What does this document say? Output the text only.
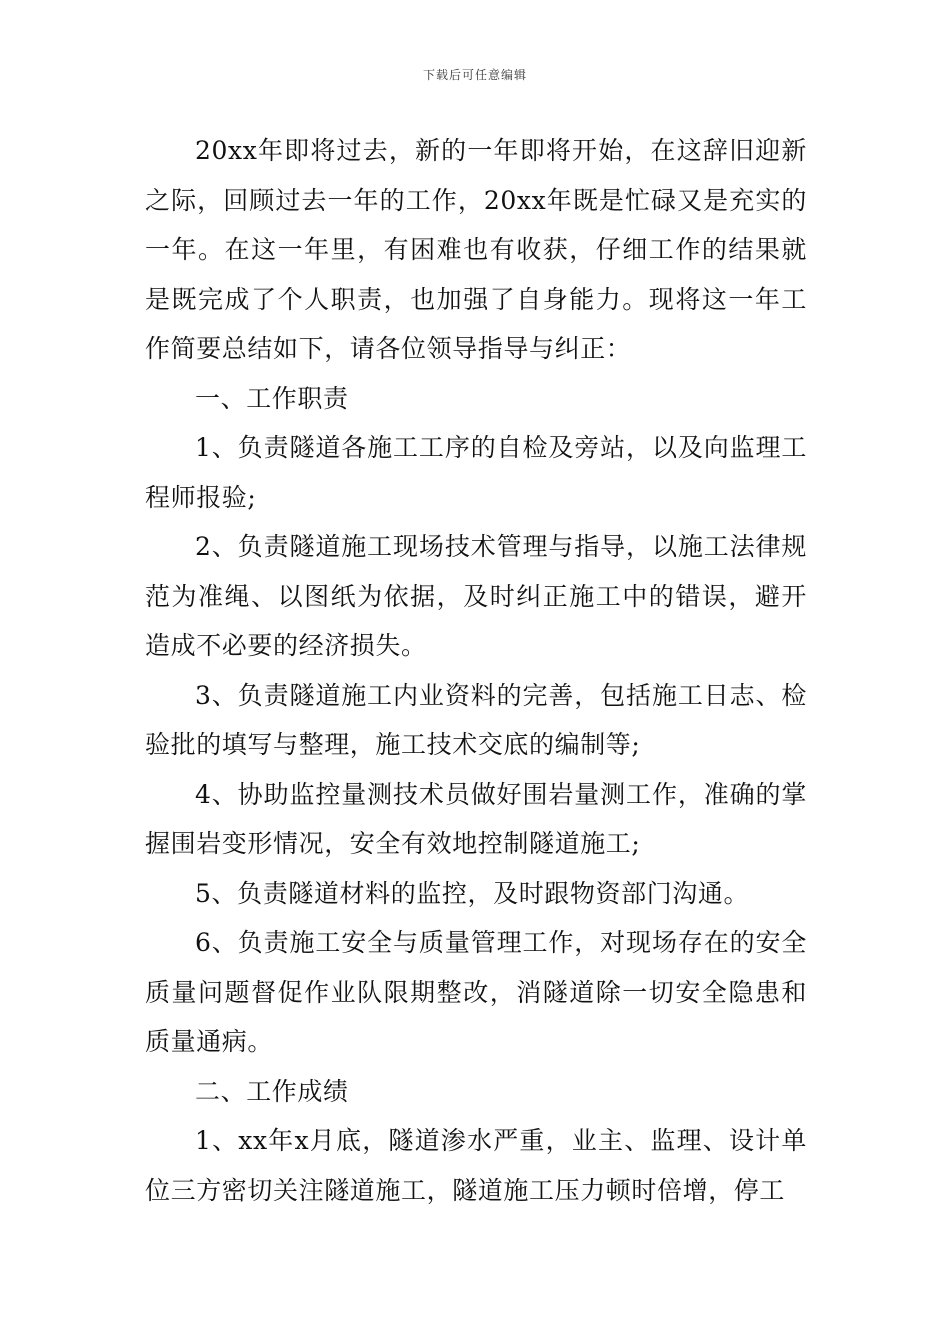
下载后可任意编辑

20xx年即将过去，新的一年即将开始，在这辞旧迎新之际，回顾过去一年的工作，20xx年既是忙碌又是充实的一年。在这一年里，有困难也有收获，仔细工作的结果就是既完成了个人职责，也加强了自身能力。现将这一年工作简要总结如下，请各位领导指导与纠正：

一、工作职责

1、负责隧道各施工工序的自检及旁站，以及向监理工程师报验;

2、负责隧道施工现场技术管理与指导，以施工法律规范为准绳、以图纸为依据，及时纠正施工中的错误，避开造成不必要的经济损失。

3、负责隧道施工内业资料的完善，包括施工日志、检验批的填写与整理，施工技术交底的编制等;

4、协助监控量测技术员做好围岩量测工作，准确的掌握围岩变形情况，安全有效地控制隧道施工;

5、负责隧道材料的监控，及时跟物资部门沟通。

6、负责施工安全与质量管理工作，对现场存在的安全质量问题督促作业队限期整改，消隧道除一切安全隐患和质量通病。

二、工作成绩

1、xx年x月底，隧道渗水严重，业主、监理、设计单位三方密切关注隧道施工，隧道施工压力顿时倍增，停工
